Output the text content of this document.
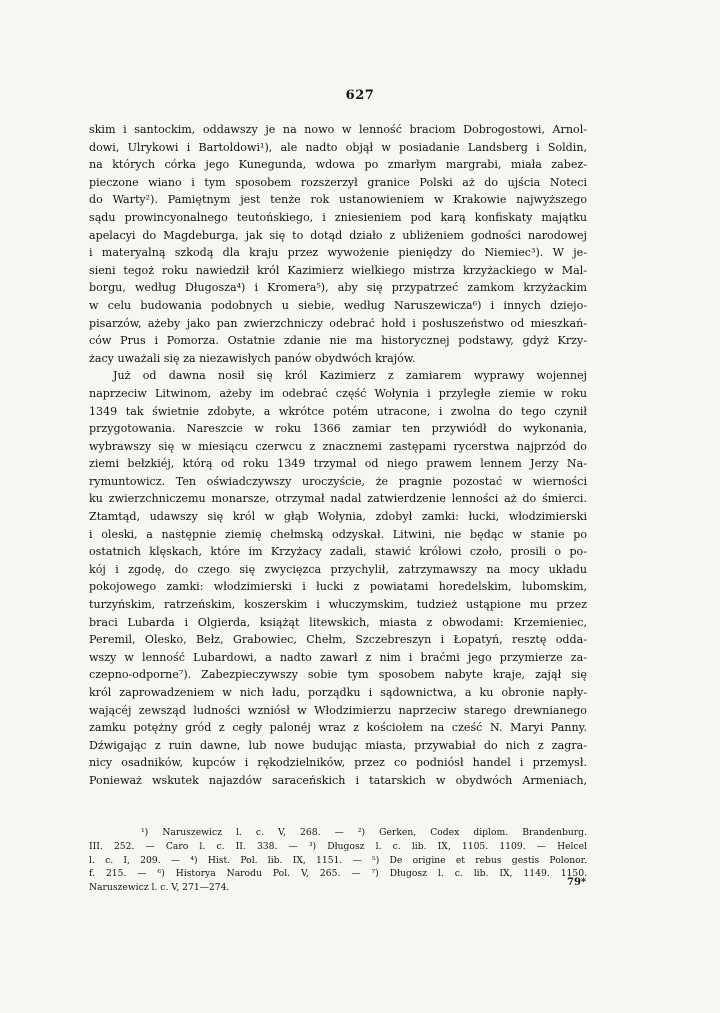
627
skim i santockim, oddawszy je na nowo w lenność braciom Dobrogostowi, Arnol-
dowi, Ulrykowi i Bartoldowi¹), ale nadto objął w posiadanie Landsberg i Soldin,
na których córka jego Kunegunda, wdowa po zmarłym margrabi, miała zabez-
pieczone wiano i tym sposobem rozszerzył granice Polski aż do ujścia Noteci
do Warty²). Pamiętnym jest tenże rok ustanowieniem w Krakowie najwyższego
sądu prowincyonalnego teutońskiego, i zniesieniem pod karą konfiskaty majątku
apelacyi do Magdeburga, jak się to dotąd działo z ubliżeniem godności narodowej
i materyalną szkodą dla kraju przez wywożenie pieniędzy do Niemiec³). W je-
sieni tegoż roku nawiedził król Kazimierz wielkiego mistrza krzyżackiego w Mal-
borgu, według Długosza⁴) i Kromera⁵), aby się przypatrzeć zamkom krzyżackim
w celu budowania podobnych u siebie, według Naruszewicza⁶) i innych dziejo-
pisarzów, ażeby jako pan zwierzchniczy odebrać hołd i posłuszeństwo od mieszkań-
ców Prus i Pomorza. Ostatnie zdanie nie ma historycznej podstawy, gdyż Krzy-
żacy uważali się za niezawisłych panów obydwóch krajów.
Już od dawna nosił się król Kazimierz z zamiarem wyprawy wojennej
naprzeciw Litwinom, ażeby im odebrać część Wołynia i przyległe ziemie w roku
1349 tak świetnie zdobyte, a wkrótce potém utracone, i zwolna do tego czynił
przygotowania. Nareszcie w roku 1366 zamiar ten przywiódł do wykonania,
wybrawszy się w miesiącu czerwcu z znacznemi zastępami rycerstwa najprzód do
ziemi bełzkiéj, którą od roku 1349 trzymał od niego prawem lennem Jerzy Na-
rymuntowicz. Ten oświadczywszy uroczyście, że pragnie pozostać w wierności
ku zwierzchniczemu monarsze, otrzymał nadal zatwierdzenie lenności aż do śmierci.
Ztamtąd, udawszy się król w głąb Wołynia, zdobył zamki: łucki, włodzimierski
i oleski, a następnie ziemię chełmską odzyskał. Litwini, nie będąc w stanie po
ostatnich klęskach, które im Krzyżacy zadali, stawić królowi czoło, prosili o po-
kój i zgodę, do czego się zwycięzca przychylił, zatrzymawszy na mocy układu
pokojowego zamki: włodzimierski i łucki z powiatami horedelskim, lubomskim,
turzyńskim, ratrzeńskim, koszerskim i włuczymskim, tudzież ustąpione mu przez
braci Lubarda i Olgierda, książąt litewskich, miasta z obwodami: Krzemieniec,
Peremil, Olesko, Bełz, Grabowiec, Chełm, Szczebreszyn i Łopatyń, resztę odda-
wszy w lenność Lubardowi, a nadto zawarł z nim i braćmi jego przymierze za-
czepno-odporne⁷). Zabezpieczywszy sobie tym sposobem nabyte kraje, zajął się
król zaprowadzeniem w nich ładu, porządku i sądownictwa, a ku obronie napły-
wającéj zewsząd ludności wzniósł w Włodzimierzu naprzeciw starego drewnianego
zamku potężny gród z cegły palonéj wraz z kościołem na cześć N. Maryi Panny.
Dźwigając z ruin dawne, lub nowe budując miasta, przywabiał do nich z zagra-
nicy osadników, kupców i rękodzielników, przez co podniósł handel i przemysł.
Ponieważ wskutek najazdów saraceńskich i tatarskich w obydwóch Armeniach,
¹) Naruszewicz l. c. V, 268. — ²) Gerken, Codex diplom. Brandenburg.
III. 252. — Caro l. c. II. 338. — ³) Długosz l. c. lib. IX, 1105. 1109. — Helcel
l. c. I, 209. — ⁴) Hist. Pol. lib. IX, 1151. — ⁵) De origine et rebus gestis Polonor.
f. 215. — ⁶) Historya Narodu Pol. V, 265. — ⁷) Długosz l. c. lib. IX, 1149. 1150.
Naruszewicz l. c. V, 271—274.	79*
